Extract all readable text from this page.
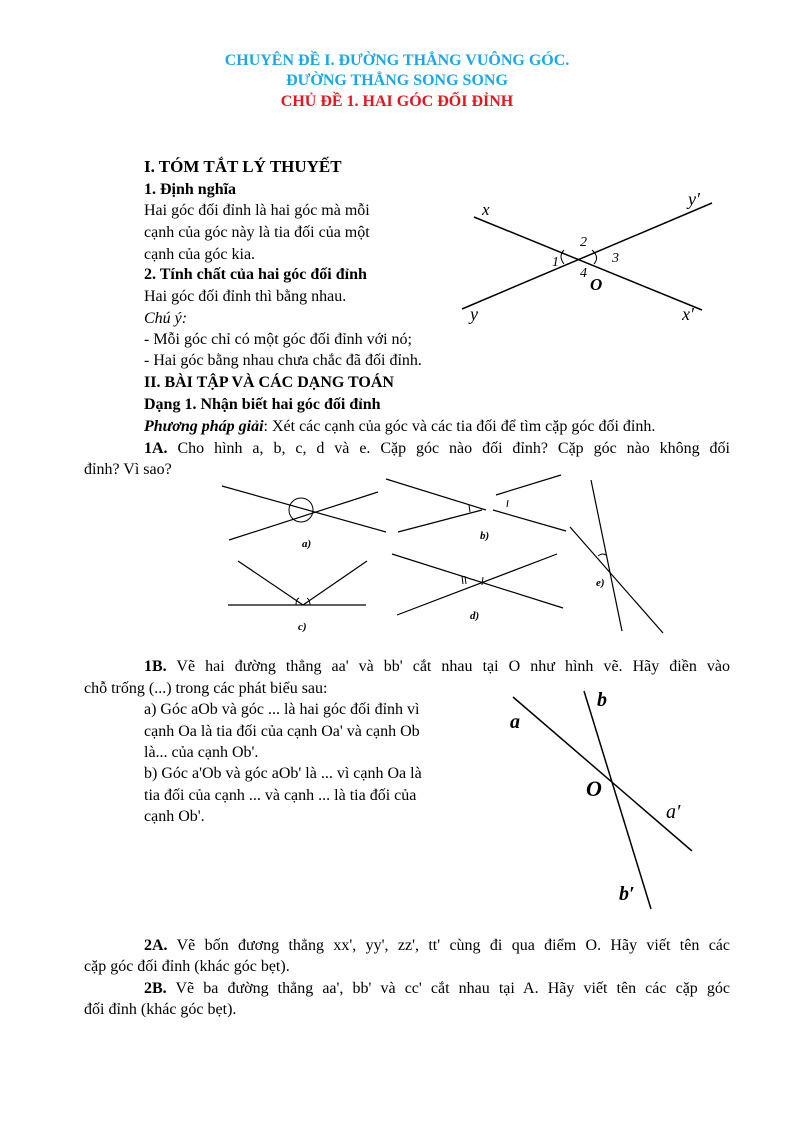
CHUYÊN ĐỀ I. ĐƯỜNG THẲNG VUÔNG GÓC.
ĐƯỜNG THẲNG SONG SONG
CHỦ ĐỀ 1. HAI GÓC ĐỐI ĐỈNH
I. TÓM TẮT LÝ THUYẾT
1. Định nghĩa
Hai góc đối đỉnh là hai góc mà mỗi
cạnh của góc này là tia đối của một
cạnh của góc kia.
2. Tính chất của hai góc đối đỉnh
Hai góc đối đỉnh thì bằng nhau.
Chú ý:
- Mỗi góc chỉ có một góc đối đỉnh với nó;
- Hai góc bằng nhau chưa chắc đã đối đỉnh.
x
y′
y	x′
O
1
2
3
4
II. BÀI TẬP VÀ CÁC DẠNG TOÁN
Dạng 1. Nhận biết hai góc đối đỉnh
Phương pháp giải: Xét các cạnh của góc và các tia đối để tìm cặp góc đối đỉnh.
1A. Cho hình a, b, c, d và e. Cặp góc nào đối đỉnh? Cặp góc nào không đối
đỉnh? Vì sao?
a)
b)
c)
d)
e)
1B. Vẽ hai đường thẳng aa' và bb' cắt nhau tại O như hình vẽ. Hãy điền vào
chỗ trống (...) trong các phát biểu sau:
a) Góc aOb và góc ... là hai góc đối đỉnh vì
cạnh Oa là tia đối của cạnh Oa' và cạnh Ob
là... của cạnh Ob'.
b) Góc a'Ob và góc aOb' là ... vì cạnh Oa là
tia đối của cạnh ... và cạnh ... là tia đối của
cạnh Ob'.
a
b
O
a′
b′
2A. Vẽ bốn đương thẳng xx', yy', zz', tt' cùng đi qua điểm O. Hãy viết tên các
cặp góc đối đỉnh (khác góc bẹt).
2B. Vẽ ba đường thẳng aa', bb' và cc' cắt nhau tại A. Hãy viết tên các cặp góc
đối đỉnh (khác góc bẹt).
